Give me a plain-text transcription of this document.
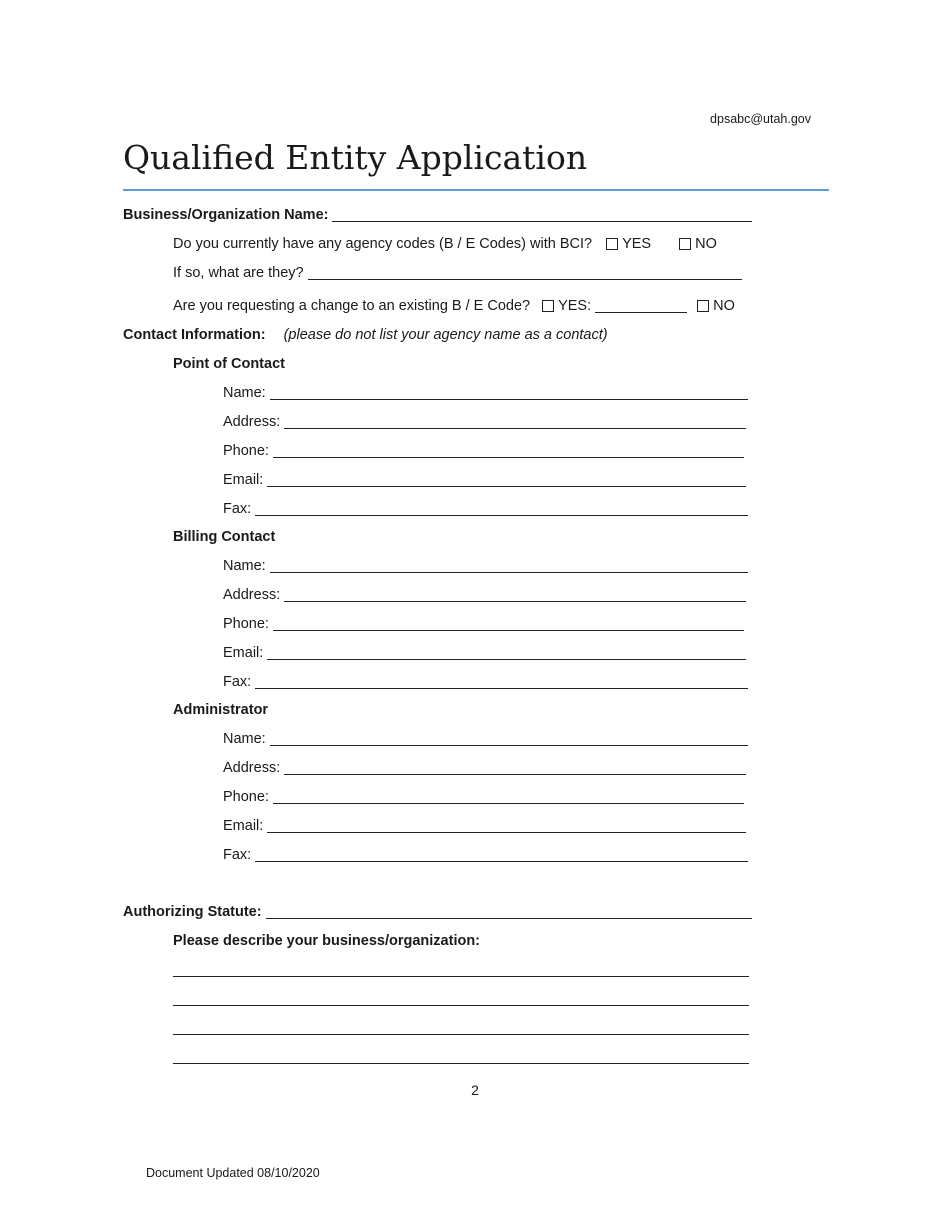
dpsabc@utah.gov
Qualified Entity Application
Business/Organization Name:
Do you currently have any agency codes (B / E Codes) with BCI? YES	NO
If so, what are they?
Are you requesting a change to an existing B / E Code? YES:	NO
Contact Information: (please do not list your agency name as a contact)
Point of Contact
Name:
Address:
Phone:
Email:
Fax:
Billing Contact
Name:
Address:
Phone:
Email:
Fax:
Administrator
Name:
Address:
Phone:
Email:
Fax:
Authorizing Statute:
Please describe your business/organization:
2
Document Updated 08/10/2020
